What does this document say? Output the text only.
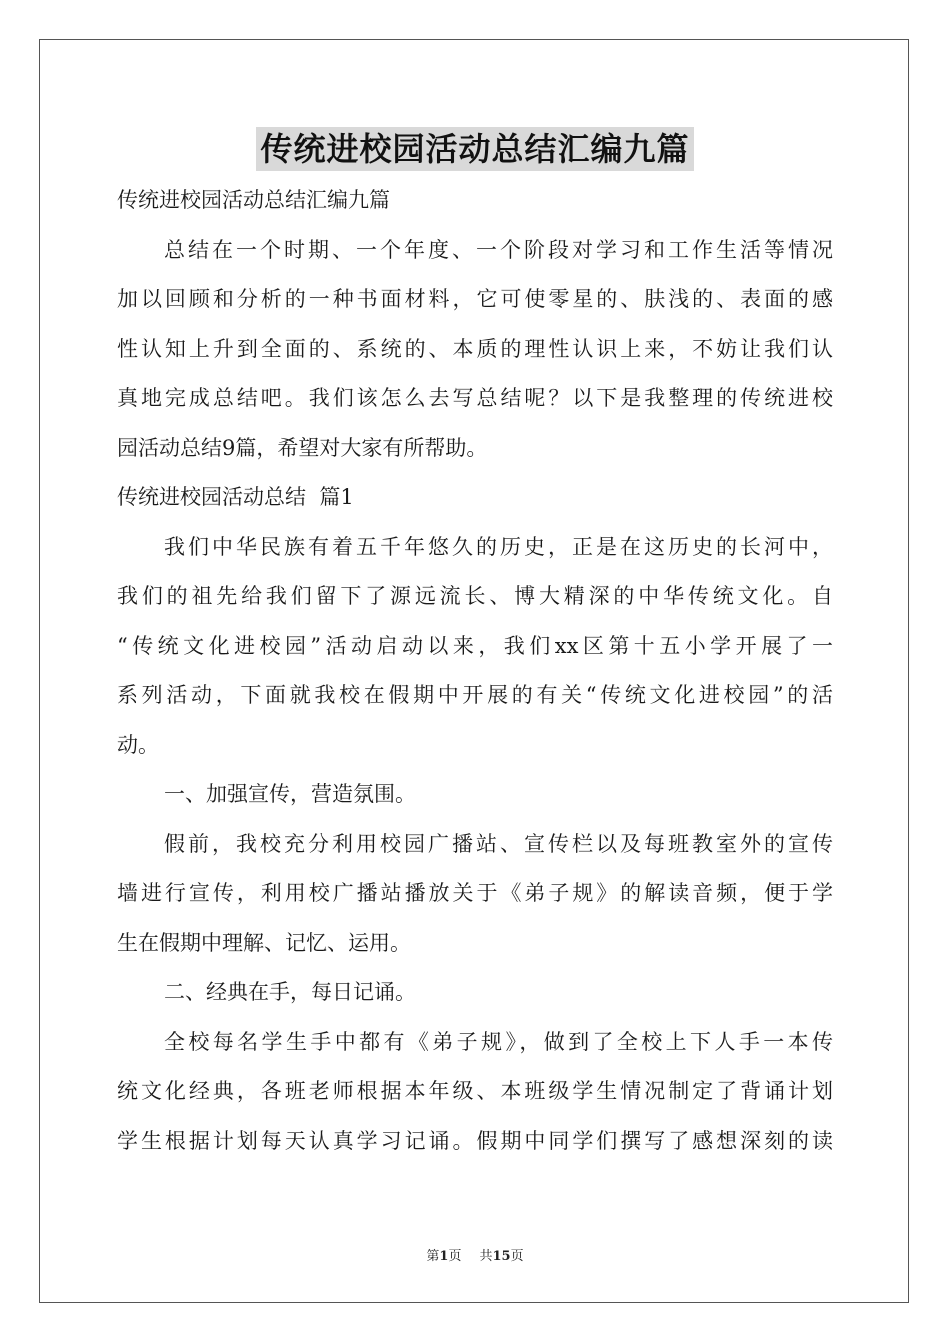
传统进校园活动总结汇编九篇
传统进校园活动总结汇编九篇
总结在一个时期、一个年度、一个阶段对学习和工作生活等情况
加以回顾和分析的一种书面材料，它可使零星的、肤浅的、表面的感
性认知上升到全面的、系统的、本质的理性认识上来，不妨让我们认
真地完成总结吧。我们该怎么去写总结呢？以下是我整理的传统进校
园活动总结9篇，希望对大家有所帮助。
传统进校园活动总结  篇1
我们中华民族有着五千年悠久的历史，正是在这历史的长河中，
我们的祖先给我们留下了源远流长、博大精深的中华传统文化。自
“传统文化进校园”活动启动以来，我们xx区第十五小学开展了一
系列活动，下面就我校在假期中开展的有关“传统文化进校园”的活
动。
一、加强宣传，营造氛围。
假前，我校充分利用校园广播站、宣传栏以及每班教室外的宣传
墙进行宣传，利用校广播站播放关于《弟子规》的解读音频，便于学
生在假期中理解、记忆、运用。
二、经典在手，每日记诵。
全校每名学生手中都有《弟子规》，做到了全校上下人手一本传
统文化经典，各班老师根据本年级、本班级学生情况制定了背诵计划
学生根据计划每天认真学习记诵。假期中同学们撰写了感想深刻的读
第1页 共15页
